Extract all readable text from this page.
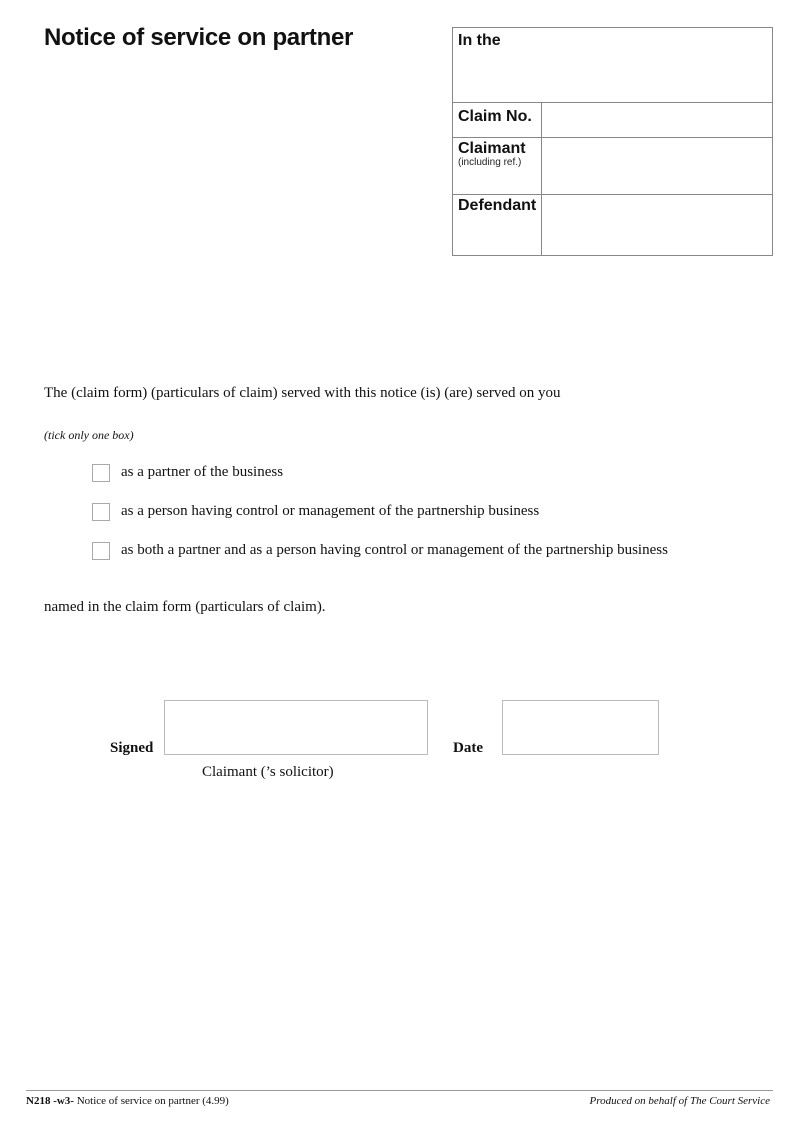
Notice of service on partner	In the
Claim No.
Claimant
(including ref.)
Defendant
The (claim form) (particulars of claim) served with this notice (is) (are) served on you
(tick only one box)
as a partner of the business
as a person having control or management of the partnership business
as both a partner and as a person having control or management of the partnership business
named in the claim form (particulars of claim).
Signed	Date
Claimant (’s solicitor)
N218 -w3- Notice of service on partner (4.99)	Produced on behalf of The Court Service
